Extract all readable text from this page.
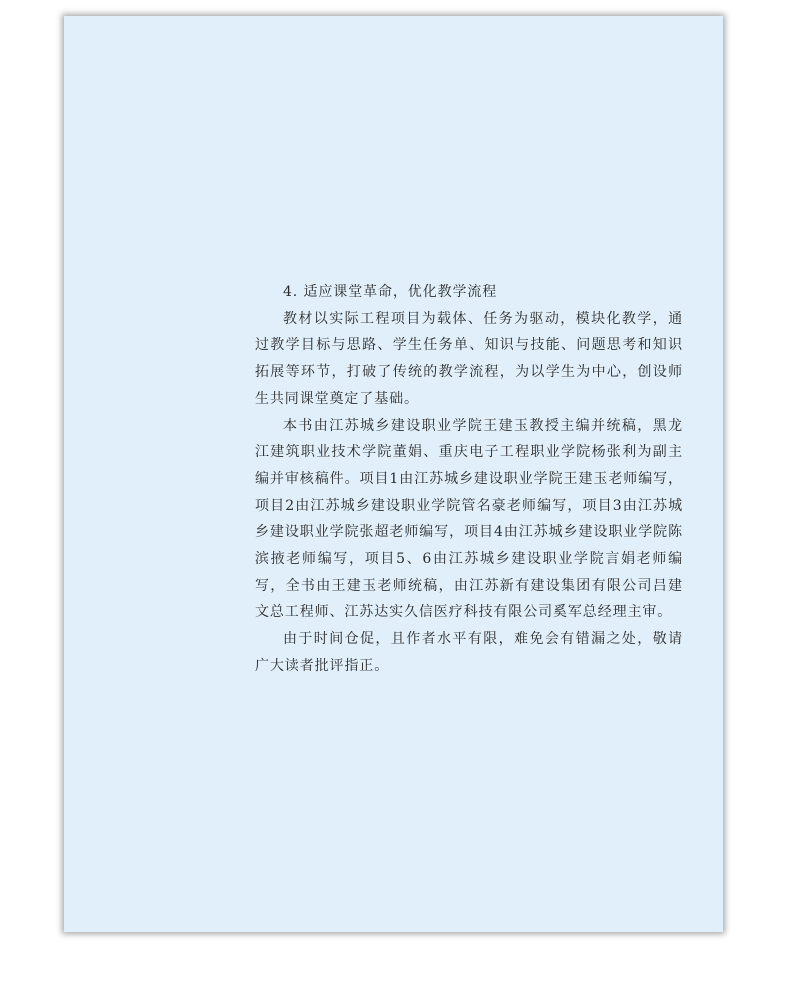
4. 适应课堂革命，优化教学流程

教材以实际工程项目为载体、任务为驱动，模块化教学，通过教学目标与思路、学生任务单、知识与技能、问题思考和知识拓展等环节，打破了传统的教学流程，为以学生为中心，创设师生共同课堂奠定了基础。

本书由江苏城乡建设职业学院王建玉教授主编并统稿，黑龙江建筑职业技术学院董娟、重庆电子工程职业学院杨张利为副主编并审核稿件。项目1由江苏城乡建设职业学院王建玉老师编写，项目2由江苏城乡建设职业学院管名豪老师编写，项目3由江苏城乡建设职业学院张超老师编写，项目4由江苏城乡建设职业学院陈滨掖老师编写，项目5、6由江苏城乡建设职业学院言娟老师编写，全书由王建玉老师统稿，由江苏新有建设集团有限公司吕建文总工程师、江苏达实久信医疗科技有限公司奚军总经理主审。

由于时间仓促，且作者水平有限，难免会有错漏之处，敬请广大读者批评指正。
